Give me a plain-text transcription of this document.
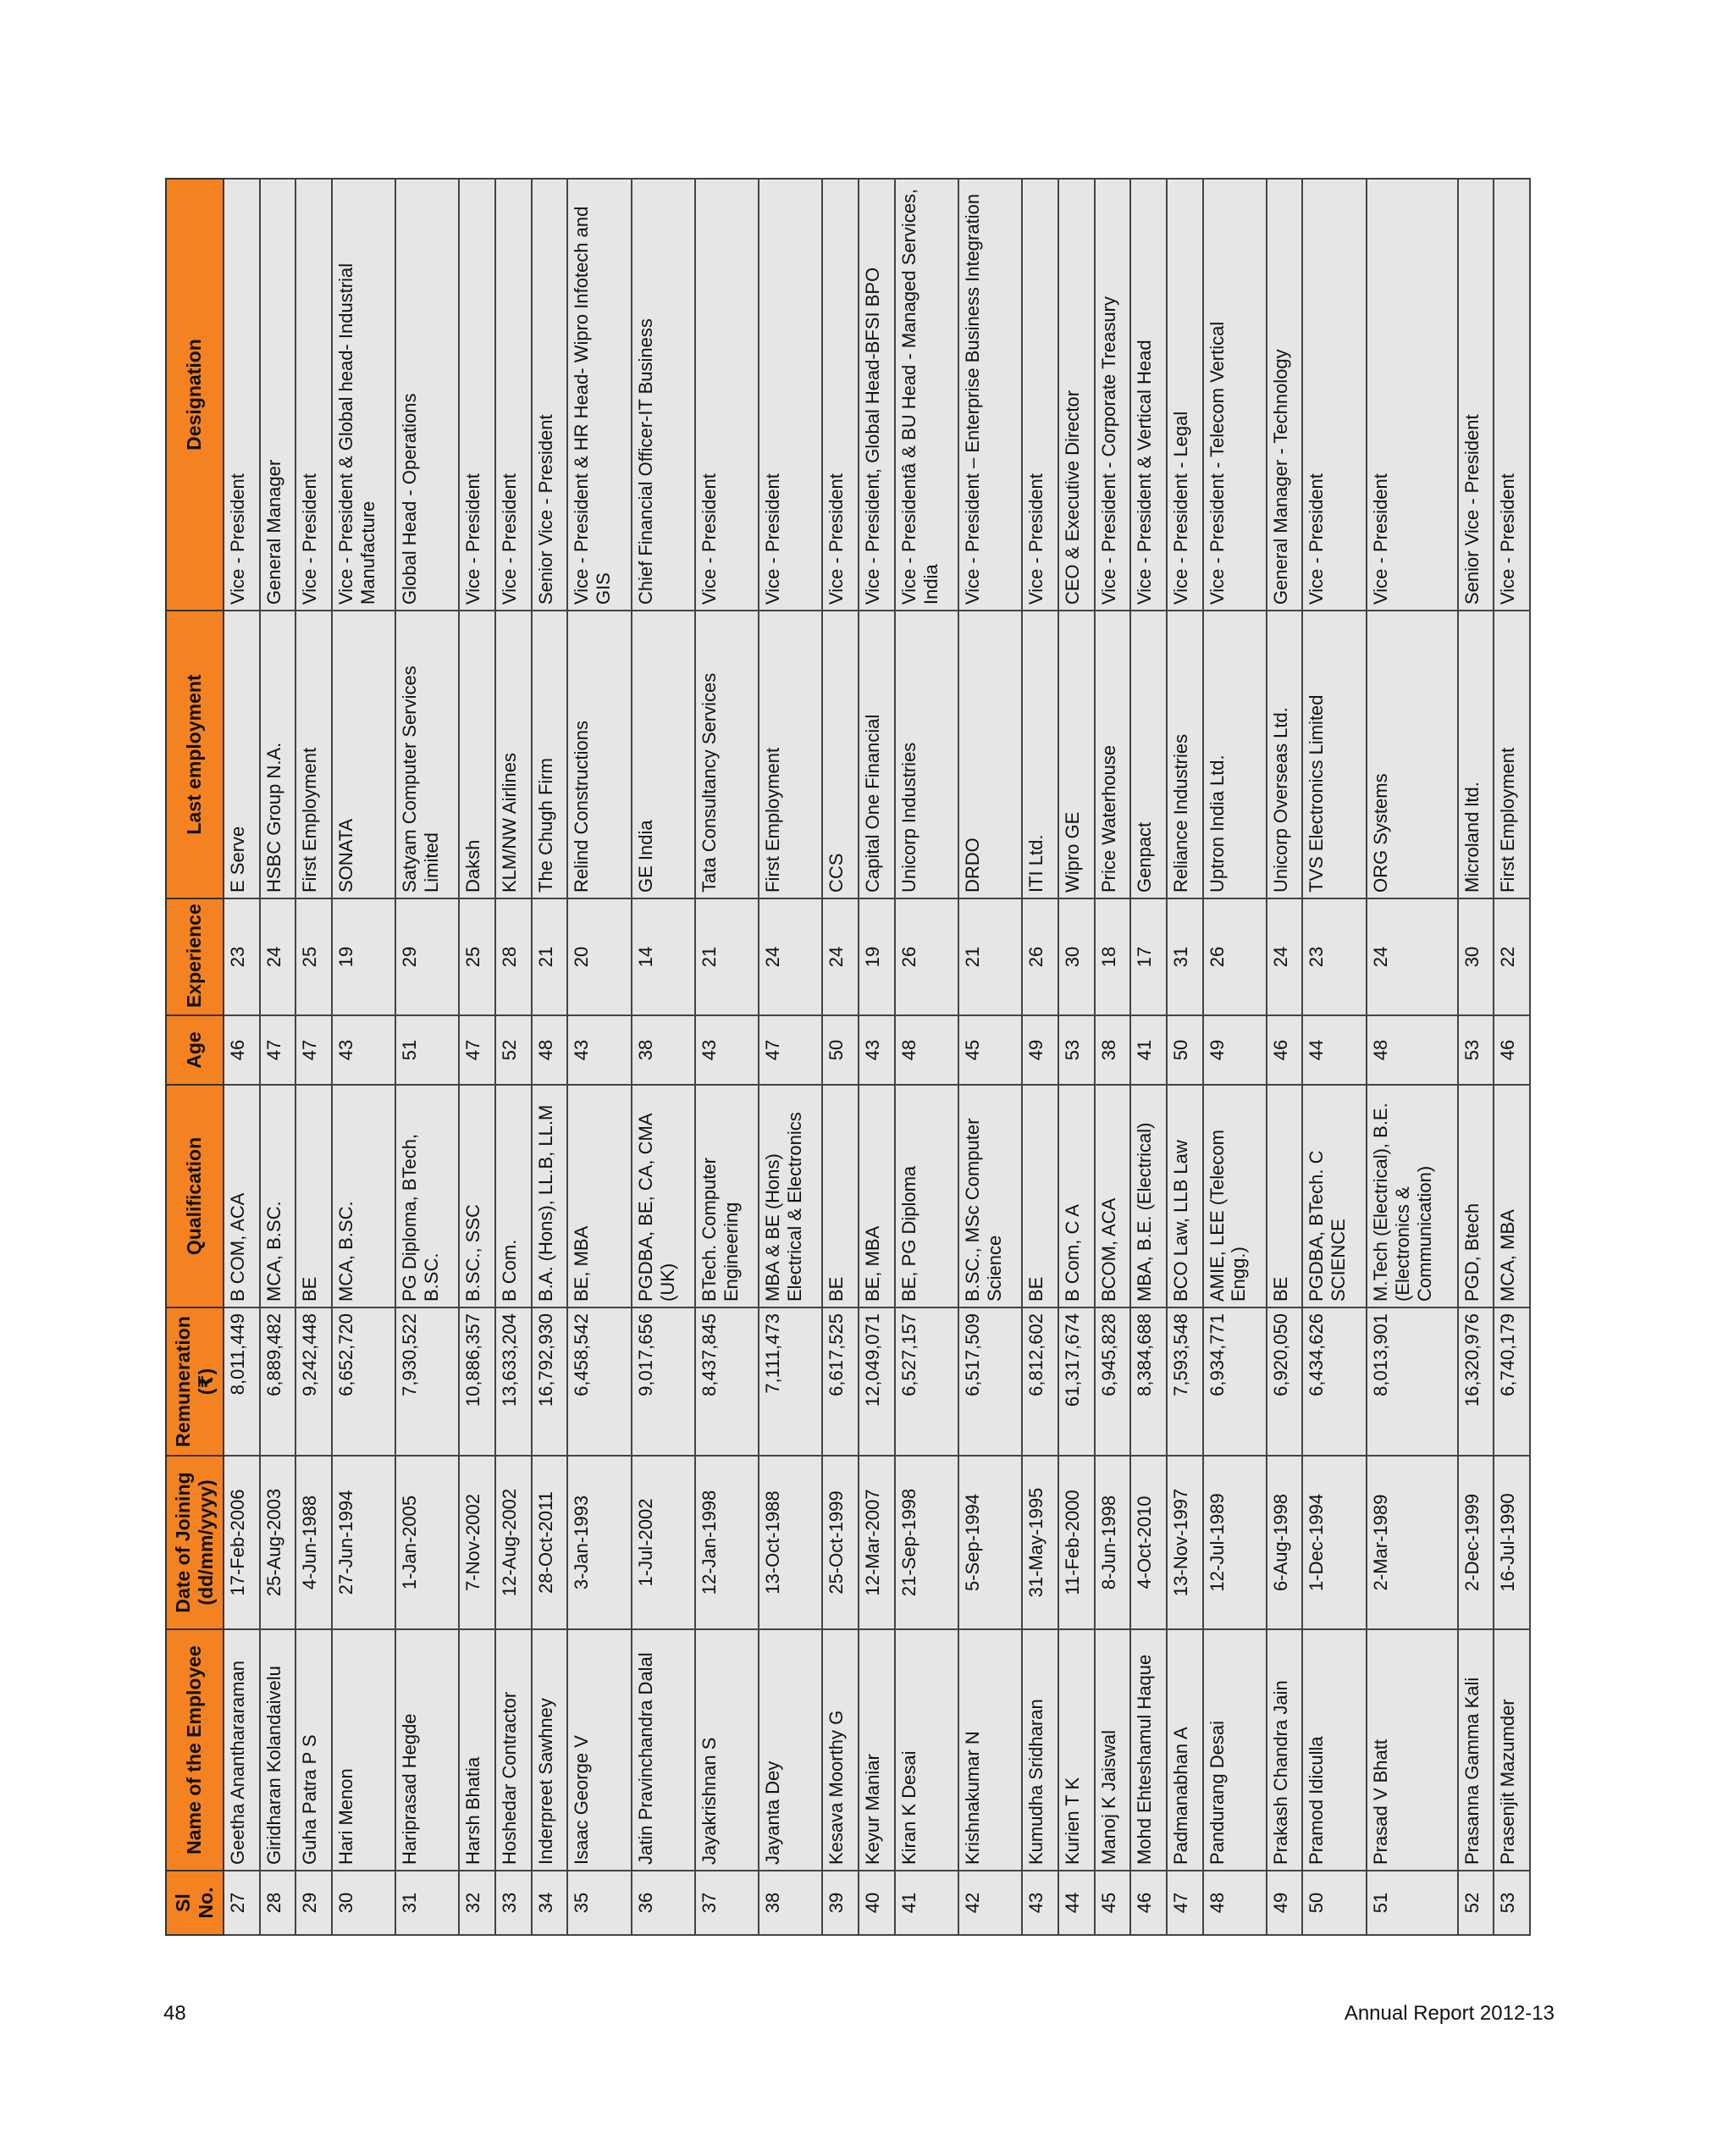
Sl No.	Name of the Employee	Date of Joining (dd/mm/yyyy)	Remuneration (₹)	Qualification	Age	Experience	Last employment	Designation
27	Geetha Ananthararaman	17-Feb-2006	8,011,449	B COM, ACA	46	23	E Serve	Vice - President
28	Giridharan Kolandaivelu	25-Aug-2003	6,889,482	MCA, B.SC.	47	24	HSBC Group N.A.	General Manager
29	Guha Patra P S	4-Jun-1988	9,242,448	BE	47	25	First Employment	Vice - President
30	Hari Menon	27-Jun-1994	6,652,720	MCA, B.SC.	43	19	SONATA	Vice - President & Global head- Industrial Manufacture
31	Hariprasad Hegde	1-Jan-2005	7,930,522	PG Diploma, BTech, B.SC.	51	29	Satyam Computer Services Limited	Global Head - Operations
32	Harsh Bhatia	7-Nov-2002	10,886,357	B.SC., SSC	47	25	Daksh	Vice - President
33	Hoshedar Contractor	12-Aug-2002	13,633,204	B Com.	52	28	KLM/NW Airlines	Vice - President
34	Inderpreet Sawhney	28-Oct-2011	16,792,930	B.A. (Hons), LL.B, LL.M	48	21	The Chugh Firm	Senior Vice - President
35	Isaac George V	3-Jan-1993	6,458,542	BE, MBA	43	20	Relind Constructions	Vice - President & HR Head- Wipro Infotech and GIS
36	Jatin Pravinchandra Dalal	1-Jul-2002	9,017,656	PGDBA, BE, CA, CMA (UK)	38	14	GE India	Chief Financial Officer-IT Business
37	Jayakrishnan S	12-Jan-1998	8,437,845	BTech. Computer Engineering	43	21	Tata Consultancy Services	Vice - President
38	Jayanta Dey	13-Oct-1988	7,111,473	MBA & BE (Hons) Electrical & Electronics	47	24	First Employment	Vice - President
39	Kesava Moorthy G	25-Oct-1999	6,617,525	BE	50	24	CCS	Vice - President
40	Keyur Maniar	12-Mar-2007	12,049,071	BE, MBA	43	19	Capital One Financial	Vice - President, Global Head-BFSI BPO
41	Kiran K Desai	21-Sep-1998	6,527,157	BE, PG Diploma	48	26	Unicorp Industries	Vice - Presidentâ & BU Head - Managed Services, India
42	Krishnakumar N	5-Sep-1994	6,517,509	B.SC., MSc Computer Science	45	21	DRDO	Vice - President – Enterprise Business Integration
43	Kumudha Sridharan	31-May-1995	6,812,602	BE	49	26	ITI Ltd.	Vice - President
44	Kurien T K	11-Feb-2000	61,317,674	B Com, C A	53	30	Wipro GE	CEO & Executive Director
45	Manoj K Jaiswal	8-Jun-1998	6,945,828	BCOM, ACA	38	18	Price Waterhouse	Vice - President - Corporate Treasury
46	Mohd Ehteshamul Haque	4-Oct-2010	8,384,688	MBA, B.E. (Electrical)	41	17	Genpact	Vice - President & Vertical Head
47	Padmanabhan A	13-Nov-1997	7,593,548	BCO Law, LLB Law	50	31	Reliance Industries	Vice - President - Legal
48	Pandurang Desai	12-Jul-1989	6,934,771	AMIE, LEE (Telecom Engg.)	49	26	Uptron India Ltd.	Vice - President - Telecom Vertical
49	Prakash Chandra Jain	6-Aug-1998	6,920,050	BE	46	24	Unicorp Overseas Ltd.	General Manager - Technology
50	Pramod Idiculla	1-Dec-1994	6,434,626	PGDBA, BTech. C SCIENCE	44	23	TVS Electronics Limited	Vice - President
51	Prasad V Bhatt	2-Mar-1989	8,013,901	M.Tech (Electrical), B.E. (Electronics & Communication)	48	24	ORG Systems	Vice - President
52	Prasanna Gamma Kali	2-Dec-1999	16,320,976	PGD, Btech	53	30	Microland ltd.	Senior Vice - President
53	Prasenjit Mazumder	16-Jul-1990	6,740,179	MCA, MBA	46	22	First Employment	Vice - President
48	Annual Report 2012-13
